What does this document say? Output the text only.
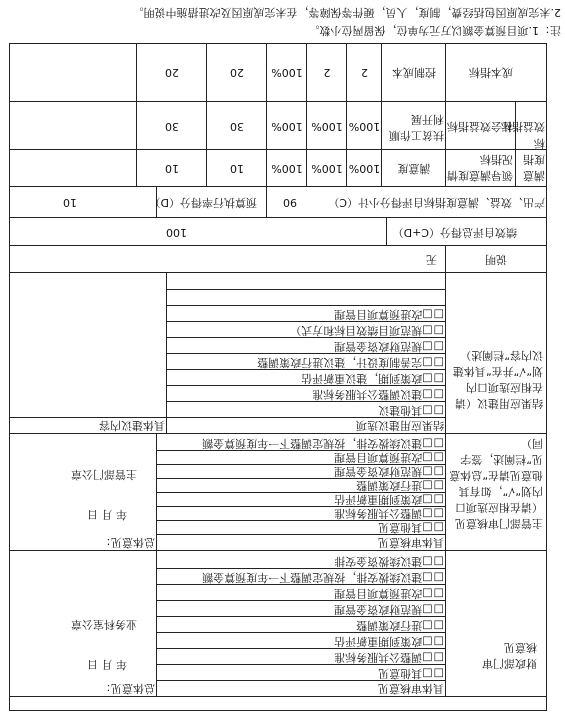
财政部门审核意见
具体审核意见
总体意见：
□ □其他意见
□ □调整公共服务标准
□ □政策到期重新评估
□ □进行政策调整
□ □规范财政资金管理
□ □改进预算项目管理
□ □建议续拨安排，按规定调整下一年度预算金额
□ □建议续拨资金安排
年 月 日
业务科室公章
主管部门审核意见（请在相应选项口内划“√”，如有其他意见请在“总体意见”栏阐述，签字同）
具体审核意见
总体意见：
□ □其他意见
□ □调整公共服务标准
□ □政策到期重新评估
□ □进行政策调整
□ □规范财政资金管理
□ □改进预算项目管理
□ □建议续拨安排，按规定调整下一年度预算金额
年 月 日
主管部门公章
结果应用建议（请在相应选项口内划“√”并在“具体建议内容”栏阐述）
结果应用建议选项
具体建议内容
□ □其他建议
□ □建议调整公共服务标准
□ □政策到期，建议重新评估
□ □完善制度设计，建议进行政策调整
□ □规范财政资金管理
□ □规范项目绩效目标和方式）
□ □改进预算项目管理
说明
无
绩效自评总得分（C+D）
100
产出、效益、满意度指标自评得分小计（C）
90
预算执行率得分（D）
10
满意度指标
领导满意度情况指标
满意度
100%
100%
100%
10
10
效益指标
社会效益指标
扶贫工作顺利开展
100%
100%
100%
30
30
成本指标
控制成本
2
2
100%
20
20
2.未完成原因包括经费，制度，人员，硬件等保障等，在未完成原因及改进措施中说明。
注：1.项目预算金额以万元为单位，保留两位小数。
